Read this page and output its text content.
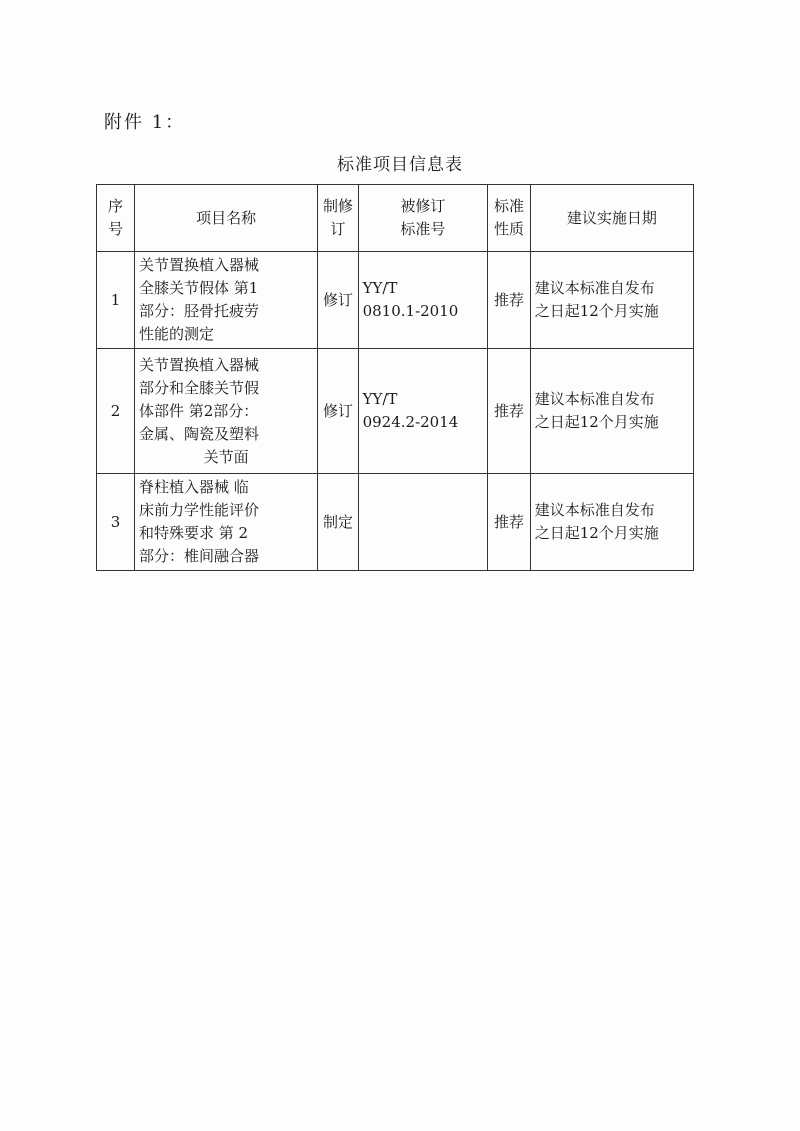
附件 1：
标准项目信息表
序
号	项目名称	制修
订	被修订
标准号	标准
性质	建议实施日期

1	关节置换植入器械
全膝关节假体 第1
部分：胫骨托疲劳
性能的测定	修订	YY/T
0810.1-2010	推荐	建议本标准自发布
之日起12个月实施

2	关节置换植入器械
部分和全膝关节假
体部件 第2部分：
金属、陶瓷及塑料
关节面	修订	YY/T
0924.2-2014	推荐	建议本标准自发布
之日起12个月实施

3	脊柱植入器械 临
床前力学性能评价
和特殊要求 第 2
部分：椎间融合器	制定		推荐	建议本标准自发布
之日起12个月实施
